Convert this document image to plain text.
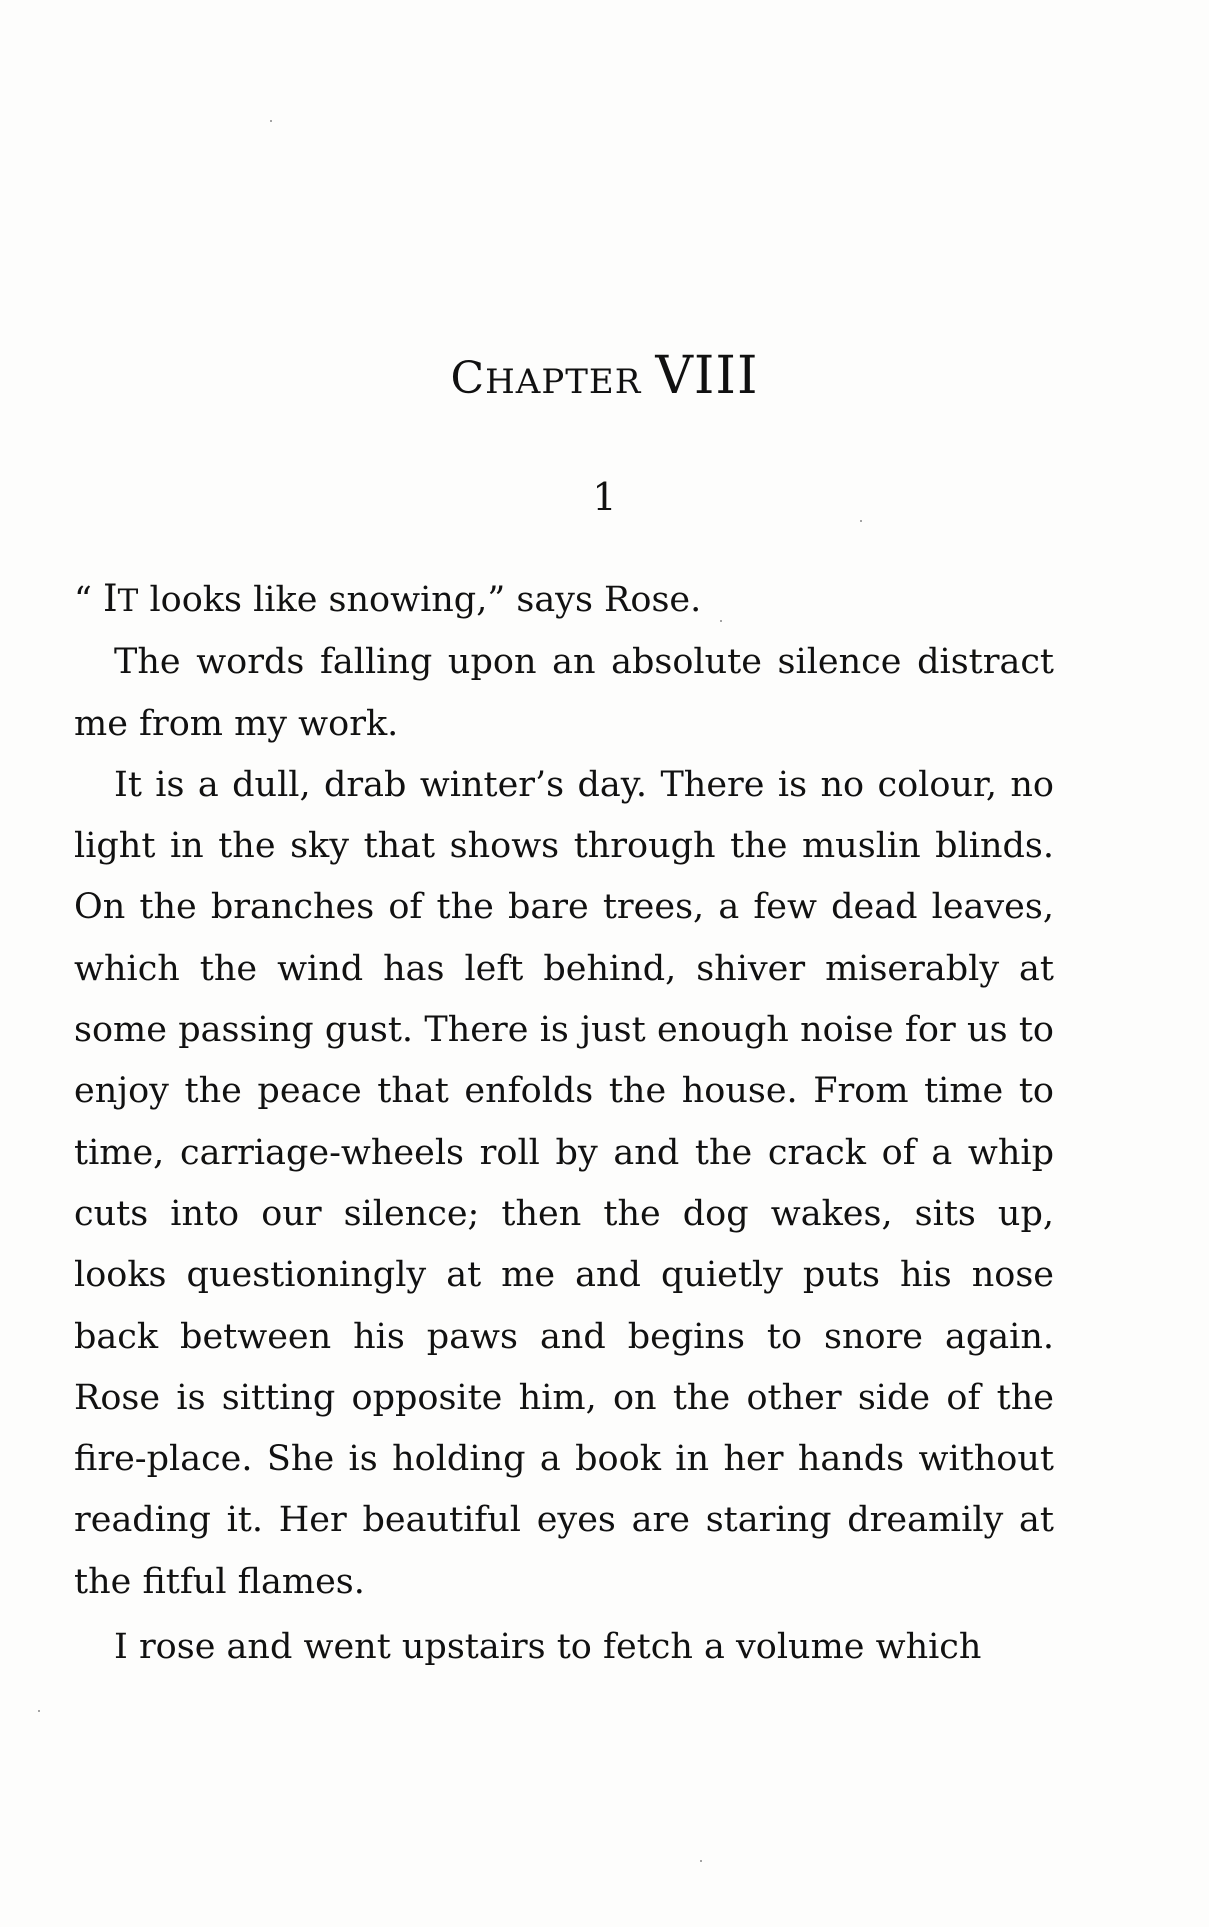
CHAPTER VIII
1

“ IT looks like snowing,” says Rose.

The words falling upon an absolute silence distract me from my work.

It is a dull, drab winter’s day. There is no colour, no light in the sky that shows through the muslin blinds. On the branches of the bare trees, a few dead leaves, which the wind has left behind, shiver miserably at some passing gust. There is just enough noise for us to enjoy the peace that enfolds the house. From time to time, carriage-wheels roll by and the crack of a whip cuts into our silence; then the dog wakes, sits up, looks questioningly at me and quietly puts his nose back between his paws and begins to snore again. Rose is sitting opposite him, on the other side of the fire-place. She is holding a book in her hands without reading it. Her beautiful eyes are staring dreamily at the fitful flames.

I rose and went upstairs to fetch a volume which
